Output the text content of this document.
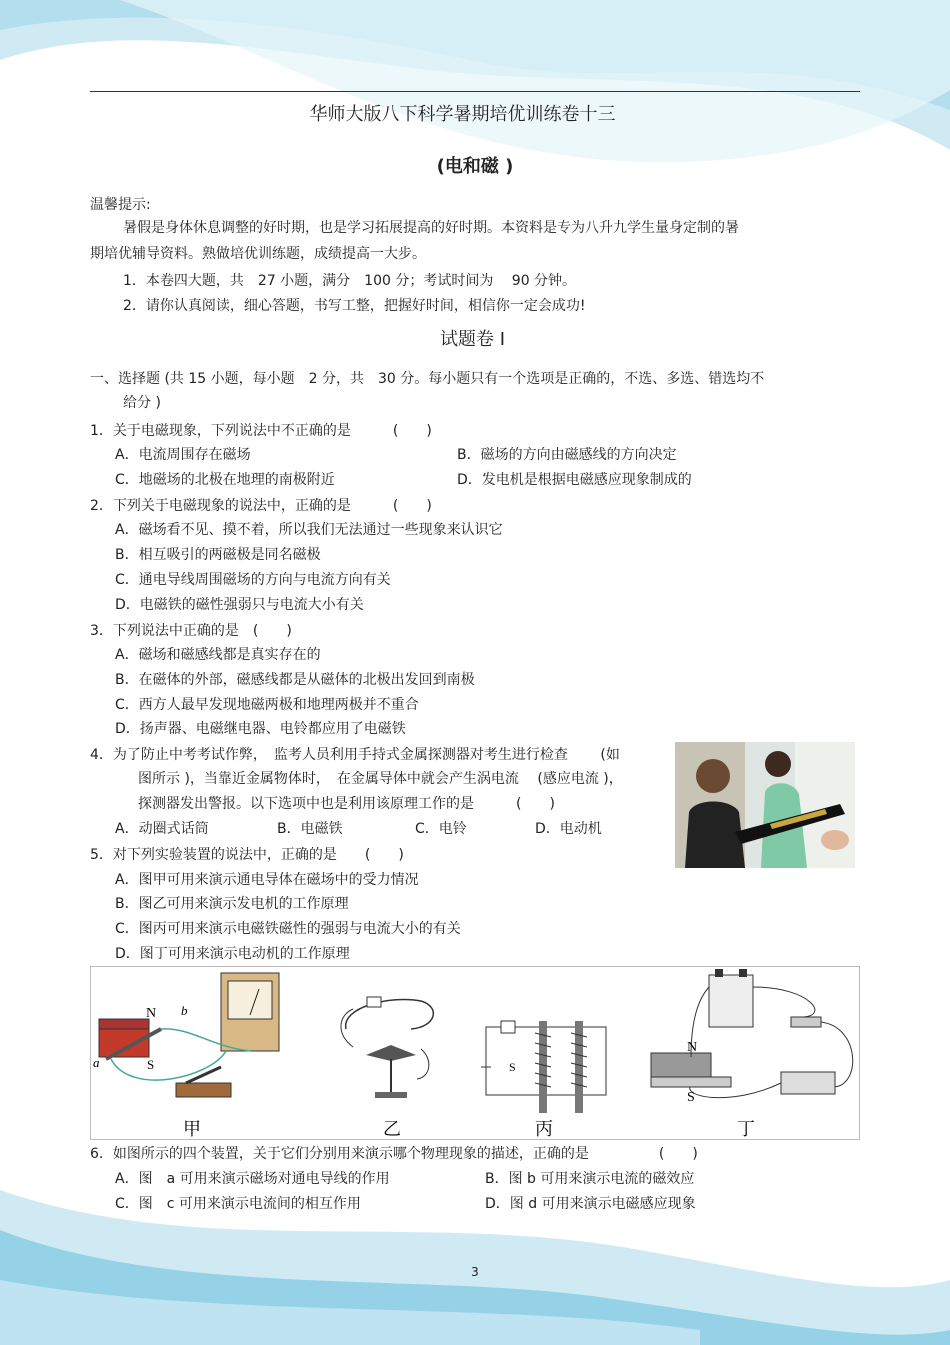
华师大版八下科学暑期培优训练卷十三
(电和磁 )
温馨提示:
暑假是身体休息调整的好时期，也是学习拓展提高的好时期。本资料是专为八升九学生量身定制的暑
期培优辅导资料。熟做培优训练题，成绩提高一大步。
1．本卷四大题，共　27 小题，满分　100 分；考试时间为　 90 分钟。
2．请你认真阅读，细心答题，书写工整，把握好时间，相信你一定会成功!
试题卷 I
一、选择题 (共 15 小题，每小题　2 分，共　30 分。每小题只有一个选项是正确的，不选、多选、错选均不
给分 )
1．关于电磁现象，下列说法中不正确的是　　　(　　)
A．电流周围存在磁场	B．磁场的方向由磁感线的方向决定
C．地磁场的北极在地理的南极附近	D．发电机是根据电磁感应现象制成的
2．下列关于电磁现象的说法中，正确的是　　　(　　)
A．磁场看不见、摸不着，所以我们无法通过一些现象来认识它
B．相互吸引的两磁极是同名磁极
C．通电导线周围磁场的方向与电流方向有关
D．电磁铁的磁性强弱只与电流大小有关
3．下列说法中正确的是　(　　)
A．磁场和磁感线都是真实存在的
B．在磁体的外部，磁感线都是从磁体的北极出发回到南极
C．西方人最早发现地磁两极和地理两极并不重合
D．扬声器、电磁继电器、电铃都应用了电磁铁
4．为了防止中考考试作弊，　监考人员利用手持式金属探测器对考生进行检查　　 (如
图所示 )，当靠近金属物体时，　在金属导体中就会产生涡电流　 (感应电流 )，
探测器发出警报。以下选项中也是利用该原理工作的是　　　(　　)
A．动圈式话筒	B．电磁铁	C．电铃	D．电动机
5．对下列实验装置的说法中，正确的是　　(　　)
A．图甲可用来演示通电导体在磁场中的受力情况
B．图乙可用来演示发电机的工作原理
C．图丙可用来演示电磁铁磁性的强弱与电流大小的有关
D．图丁可用来演示电动机的工作原理
N b
a	S	S
N
S
甲	乙	丙	丁
6．如图所示的四个装置，关于它们分别用来演示哪个物理现象的描述，正确的是　　　　　(　　)
A．图　a 可用来演示磁场对通电导线的作用	B．图 b 可用来演示电流的磁效应
C．图　c 可用来演示电流间的相互作用	D．图 d 可用来演示电磁感应现象
3
